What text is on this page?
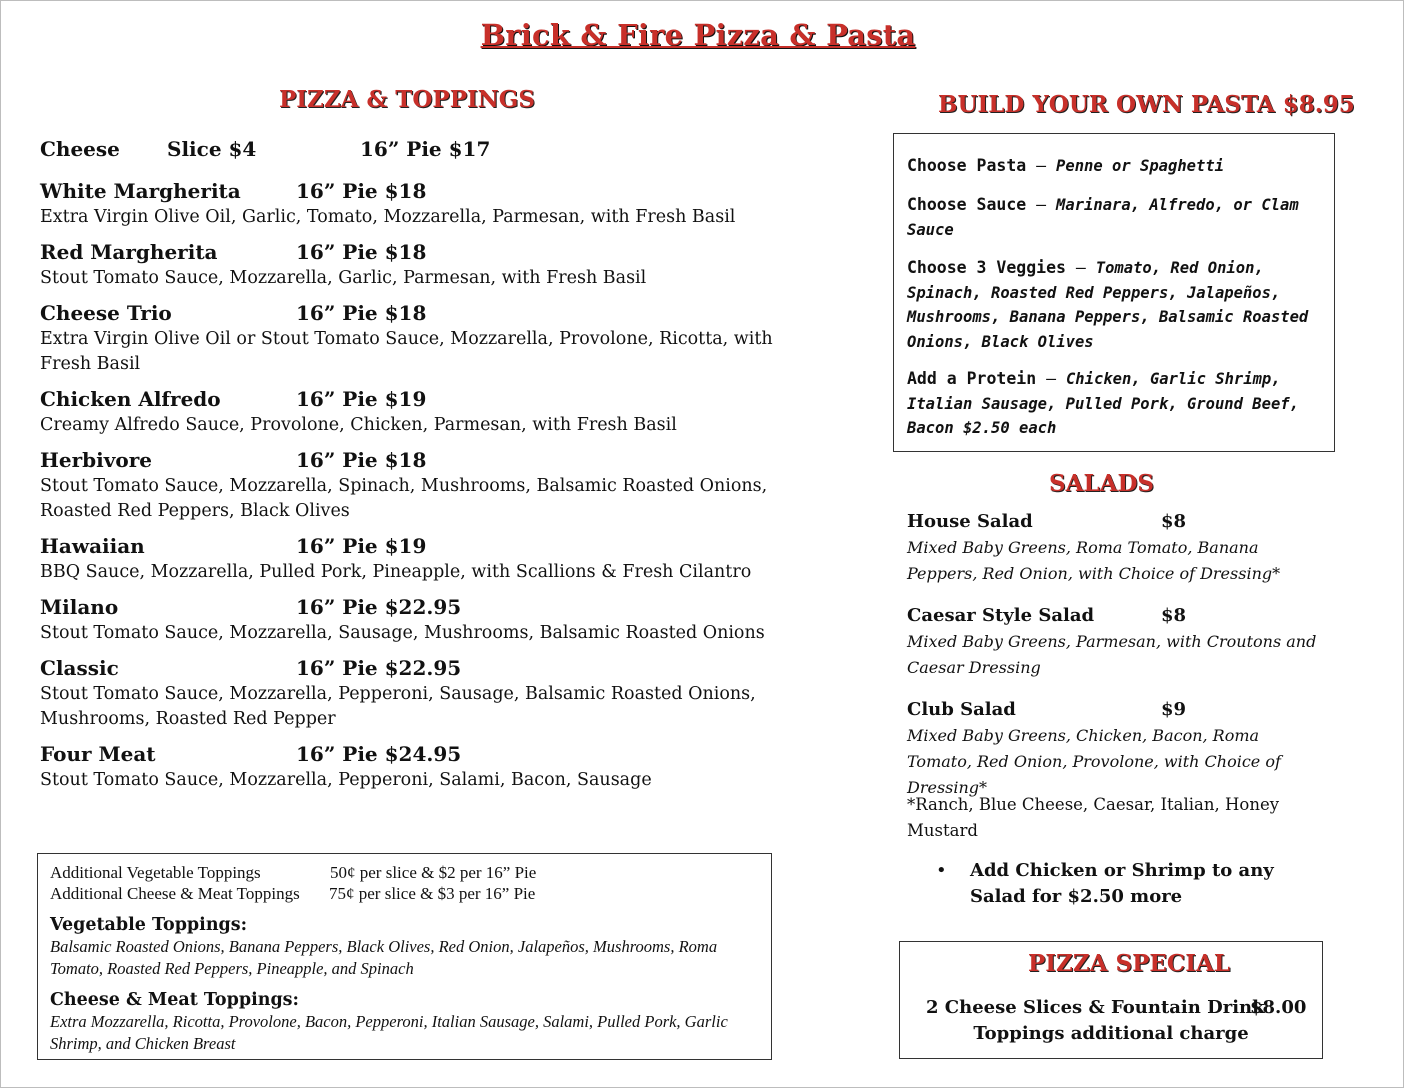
Brick & Fire Pizza & Pasta
PIZZA & TOPPINGS	BUILD YOUR OWN PASTA $8.95
Cheese Slice $4	16” Pie $17
White Margherita	16” Pie $18
Extra Virgin Olive Oil, Garlic, Tomato, Mozzarella, Parmesan, with Fresh Basil
Red Margherita	16” Pie $18
Stout Tomato Sauce, Mozzarella, Garlic, Parmesan, with Fresh Basil
Cheese Trio	16” Pie $18
Extra Virgin Olive Oil or Stout Tomato Sauce, Mozzarella, Provolone, Ricotta, with Fresh Basil
Chicken Alfredo	16” Pie $19
Creamy Alfredo Sauce, Provolone, Chicken, Parmesan, with Fresh Basil
Herbivore	16” Pie $18
Stout Tomato Sauce, Mozzarella, Spinach, Mushrooms, Balsamic Roasted Onions, Roasted Red Peppers, Black Olives
Hawaiian	16” Pie $19
BBQ Sauce, Mozzarella, Pulled Pork, Pineapple, with Scallions & Fresh Cilantro
Milano	16” Pie $22.95
Stout Tomato Sauce, Mozzarella, Sausage, Mushrooms, Balsamic Roasted Onions
Classic	16” Pie $22.95
Stout Tomato Sauce, Mozzarella, Pepperoni, Sausage, Balsamic Roasted Onions, Mushrooms, Roasted Red Pepper
Four Meat	16” Pie $24.95
Stout Tomato Sauce, Mozzarella, Pepperoni, Salami, Bacon, Sausage
Additional Vegetable Toppings	50¢ per slice & $2 per 16” Pie
Additional Cheese & Meat Toppings 75¢ per slice & $3 per 16” Pie
Vegetable Toppings:
Balsamic Roasted Onions, Banana Peppers, Black Olives, Red Onion, Jalapeños, Mushrooms, Roma Tomato, Roasted Red Peppers, Pineapple, and Spinach
Cheese & Meat Toppings:
Extra Mozzarella, Ricotta, Provolone, Bacon, Pepperoni, Italian Sausage, Salami, Pulled Pork, Garlic Shrimp, and Chicken Breast
Choose Pasta – Penne or Spaghetti
Choose Sauce – Marinara, Alfredo, or Clam Sauce
Choose 3 Veggies – Tomato, Red Onion, Spinach, Roasted Red Peppers, Jalapeños, Mushrooms, Banana Peppers, Balsamic Roasted Onions, Black Olives
Add a Protein – Chicken, Garlic Shrimp, Italian Sausage, Pulled Pork, Ground Beef, Bacon $2.50 each
SALADS
House Salad	$8
Mixed Baby Greens, Roma Tomato, Banana Peppers, Red Onion, with Choice of Dressing*
Caesar Style Salad	$8
Mixed Baby Greens, Parmesan, with Croutons and Caesar Dressing
Club Salad	$9
Mixed Baby Greens, Chicken, Bacon, Roma Tomato, Red Onion, Provolone, with Choice of Dressing*
*Ranch, Blue Cheese, Caesar, Italian, Honey Mustard
• Add Chicken or Shrimp to any Salad for $2.50 more
PIZZA SPECIAL
2 Cheese Slices & Fountain Drink
$8.00
Toppings additional charge
